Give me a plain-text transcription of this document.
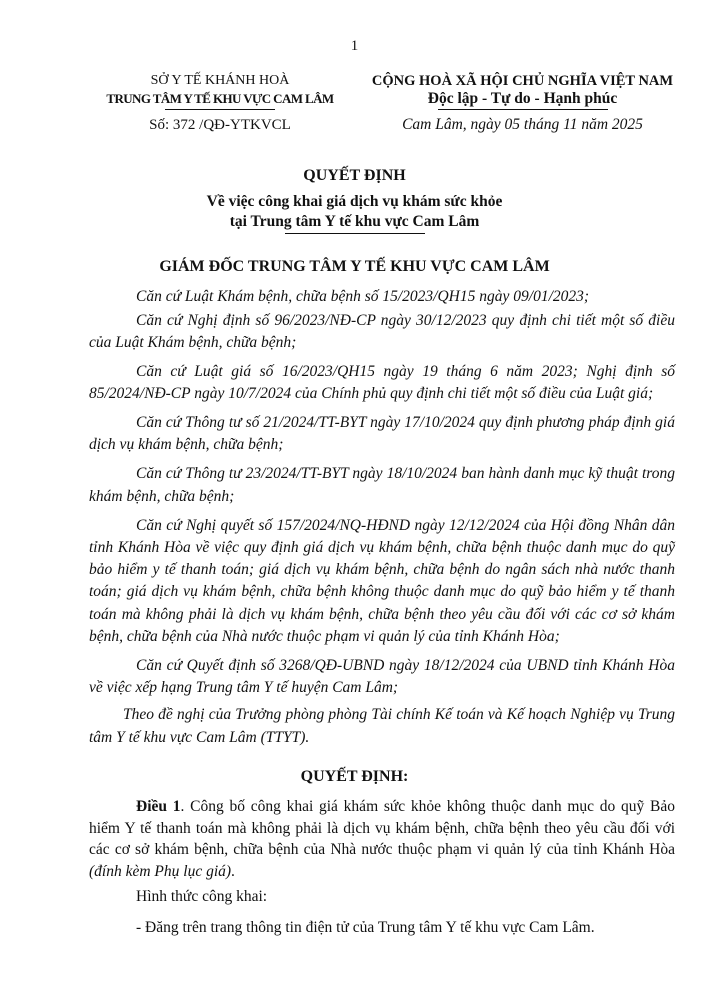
1
SỞ Y TẾ KHÁNH HOÀ
TRUNG TÂM Y TẾ KHU VỰC CAM LÂM
Số: 372 /QĐ-YTKVCL
CỘNG HOÀ XÃ HỘI CHỦ NGHĨA VIỆT NAM
Độc lập - Tự do - Hạnh phúc
Cam Lâm, ngày 05 tháng 11 năm 2025
QUYẾT ĐỊNH
Về việc công khai giá dịch vụ khám sức khỏe
tại Trung tâm Y tế khu vực Cam Lâm
GIÁM ĐỐC TRUNG TÂM Y TẾ KHU VỰC CAM LÂM

Căn cứ Luật Khám bệnh, chữa bệnh số 15/2023/QH15 ngày 09/01/2023;

Căn cứ Nghị định số 96/2023/NĐ-CP ngày 30/12/2023 quy định chi tiết một số điều của Luật Khám bệnh, chữa bệnh;

Căn cứ Luật giá số 16/2023/QH15 ngày 19 tháng 6 năm 2023; Nghị định số 85/2024/NĐ-CP ngày 10/7/2024 của Chính phủ quy định chi tiết một số điều của Luật giá;

Căn cứ Thông tư số 21/2024/TT-BYT ngày 17/10/2024 quy định phương pháp định giá dịch vụ khám bệnh, chữa bệnh;

Căn cứ Thông tư 23/2024/TT-BYT ngày 18/10/2024 ban hành danh mục kỹ thuật trong khám bệnh, chữa bệnh;

Căn cứ Nghị quyết số 157/2024/NQ-HĐND ngày 12/12/2024 của Hội đồng Nhân dân tỉnh Khánh Hòa về việc quy định giá dịch vụ khám bệnh, chữa bệnh thuộc danh mục do quỹ bảo hiểm y tế thanh toán; giá dịch vụ khám bệnh, chữa bệnh do ngân sách nhà nước thanh toán; giá dịch vụ khám bệnh, chữa bệnh không thuộc danh mục do quỹ bảo hiểm y tế thanh toán mà không phải là dịch vụ khám bệnh, chữa bệnh theo yêu cầu đối với các cơ sở khám bệnh, chữa bệnh của Nhà nước thuộc phạm vi quản lý của tỉnh Khánh Hòa;

Căn cứ Quyết định số 3268/QĐ-UBND ngày 18/12/2024 của UBND tỉnh Khánh Hòa về việc xếp hạng Trung tâm Y tế huyện Cam Lâm;

Theo đề nghị của Trưởng phòng phòng Tài chính Kế toán và Kế hoạch Nghiệp vụ Trung tâm Y tế khu vực Cam Lâm (TTYT).

QUYẾT ĐỊNH:

Điều 1. Công bố công khai giá khám sức khỏe không thuộc danh mục do quỹ Bảo hiểm Y tế thanh toán mà không phải là dịch vụ khám bệnh, chữa bệnh theo yêu cầu đối với các cơ sở khám bệnh, chữa bệnh của Nhà nước thuộc phạm vi quản lý của tỉnh Khánh Hòa (đính kèm Phụ lục giá).

Hình thức công khai:

- Đăng trên trang thông tin điện tử của Trung tâm Y tế khu vực Cam Lâm.
